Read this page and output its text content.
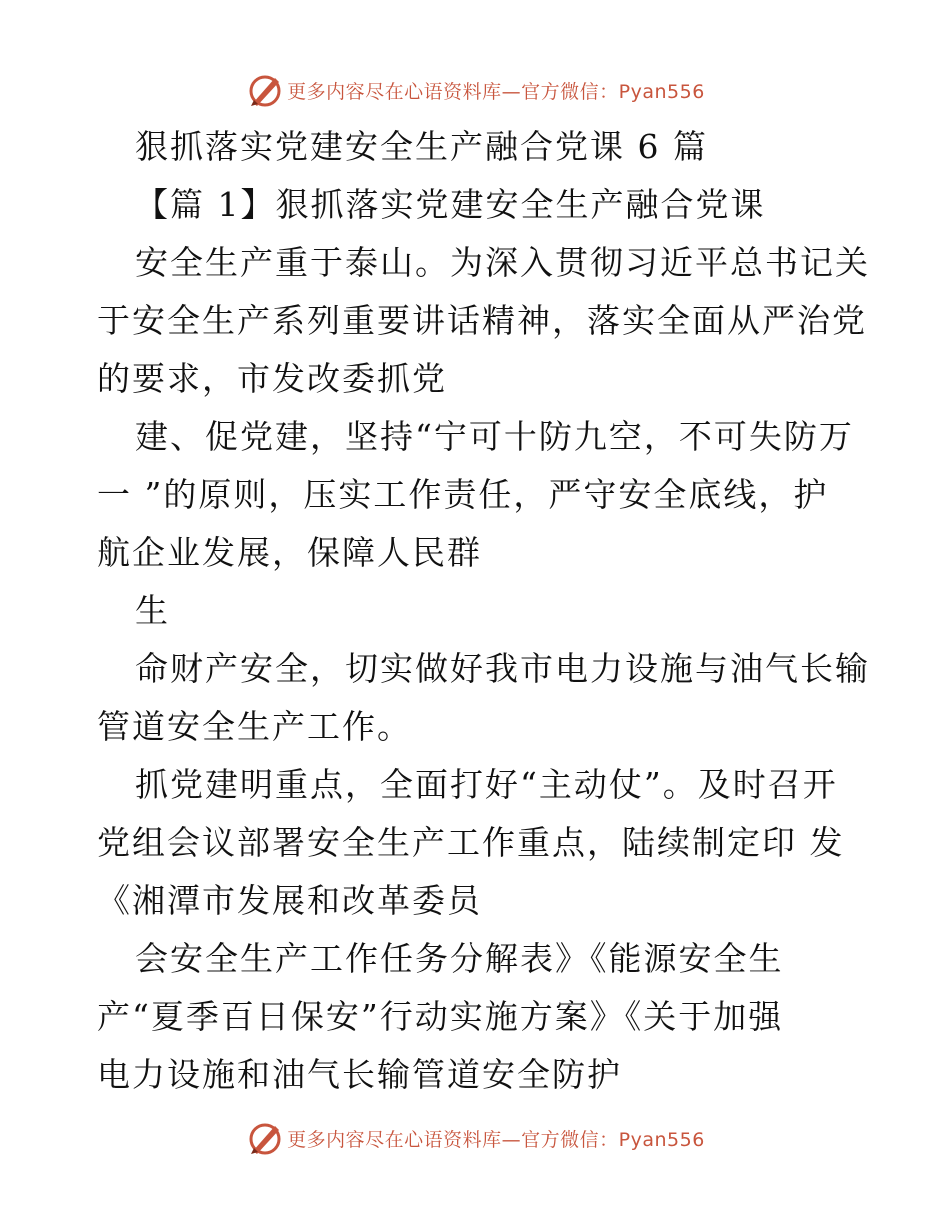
更多内容尽在心语资料库—官方微信：Pyan556
狠抓落实党建安全生产融合党课 6 篇
【篇 1】狠抓落实党建安全生产融合党课
安全生产重于泰山。为深入贯彻习近平总书记关
于安全生产系列重要讲话精神，落实全面从严治党
的要求，市发改委抓党
建、促党建，坚持“宁可十防九空，不可失防万
一 ”的原则，压实工作责任，严守安全底线，护
航企业发展，保障人民群
生
命财产安全，切实做好我市电力设施与油气长输
管道安全生产工作。
抓党建明重点，全面打好“主动仗”。及时召开
党组会议部署安全生产工作重点，陆续制定印 发
《湘潭市发展和改革委员
会安全生产工作任务分解表》《能源安全生
产“夏季百日保安”行动实施方案》《关于加强
电力设施和油气长输管道安全防护
更多内容尽在心语资料库—官方微信：Pyan556
